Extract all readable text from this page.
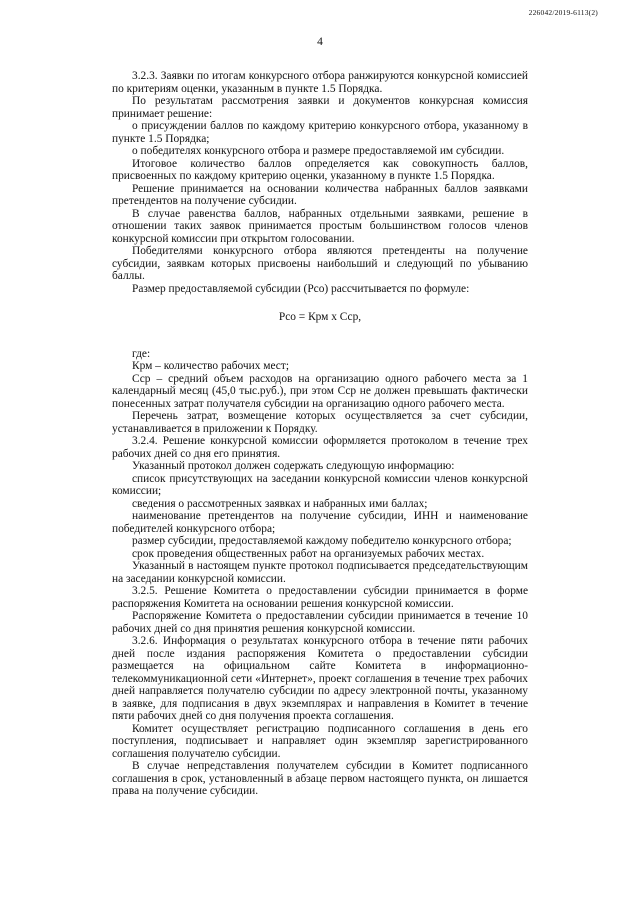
226042/2019-6113(2)
4

3.2.3. Заявки по итогам конкурсного отбора ранжируются конкурсной комиссией по критериям оценки, указанным в пункте 1.5 Порядка.

По результатам рассмотрения заявки и документов конкурсная комиссия принимает решение:

о присуждении баллов по каждому критерию конкурсного отбора, указанному в пункте 1.5 Порядка;

о победителях конкурсного отбора и размере предоставляемой им субсидии.

Итоговое количество баллов определяется как совокупность баллов, присвоенных по каждому критерию оценки, указанному в пункте 1.5 Порядка.

Решение принимается на основании количества набранных баллов заявками претендентов на получение субсидии.

В случае равенства баллов, набранных отдельными заявками, решение в отношении таких заявок принимается простым большинством голосов членов конкурсной комиссии при открытом голосовании.

Победителями конкурсного отбора являются претенденты на получение субсидии, заявкам которых присвоены наибольший и следующий по убыванию баллы.

Размер предоставляемой субсидии (Рсо) рассчитывается по формуле:

Рсо = Крм х Сср,

где:

Крм – количество рабочих мест;

Сср – средний объем расходов на организацию одного рабочего места за 1 календарный месяц (45,0 тыс.руб.), при этом Сср не должен превышать фактически понесенных затрат получателя субсидии на организацию одного рабочего места.

Перечень затрат, возмещение которых осуществляется за счет субсидии, устанавливается в приложении к Порядку.

3.2.4. Решение конкурсной комиссии оформляется протоколом в течение трех рабочих дней со дня его принятия.

Указанный протокол должен содержать следующую информацию:

список присутствующих на заседании конкурсной комиссии членов конкурсной комиссии;

сведения о рассмотренных заявках и набранных ими баллах;

наименование претендентов на получение субсидии, ИНН и наименование победителей конкурсного отбора;

размер субсидии, предоставляемой каждому победителю конкурсного отбора;

срок проведения общественных работ на организуемых рабочих местах.

Указанный в настоящем пункте протокол подписывается председательствующим на заседании конкурсной комиссии.

3.2.5. Решение Комитета о предоставлении субсидии принимается в форме распоряжения Комитета на основании решения конкурсной комиссии.

Распоряжение Комитета о предоставлении субсидии принимается в течение 10 рабочих дней со дня принятия решения конкурсной комиссии.

3.2.6. Информация о результатах конкурсного отбора в течение пяти рабочих дней после издания распоряжения Комитета о предоставлении субсидии размещается на официальном сайте Комитета в информационно-телекоммуникационной сети «Интернет», проект соглашения в течение трех рабочих дней направляется получателю субсидии по адресу электронной почты, указанному в заявке, для подписания в двух экземплярах и направления в Комитет в течение пяти рабочих дней со дня получения проекта соглашения.

Комитет осуществляет регистрацию подписанного соглашения в день его поступления, подписывает и направляет один экземпляр зарегистрированного соглашения получателю субсидии.

В случае непредставления получателем субсидии в Комитет подписанного соглашения в срок, установленный в абзаце первом настоящего пункта, он лишается права на получение субсидии.
